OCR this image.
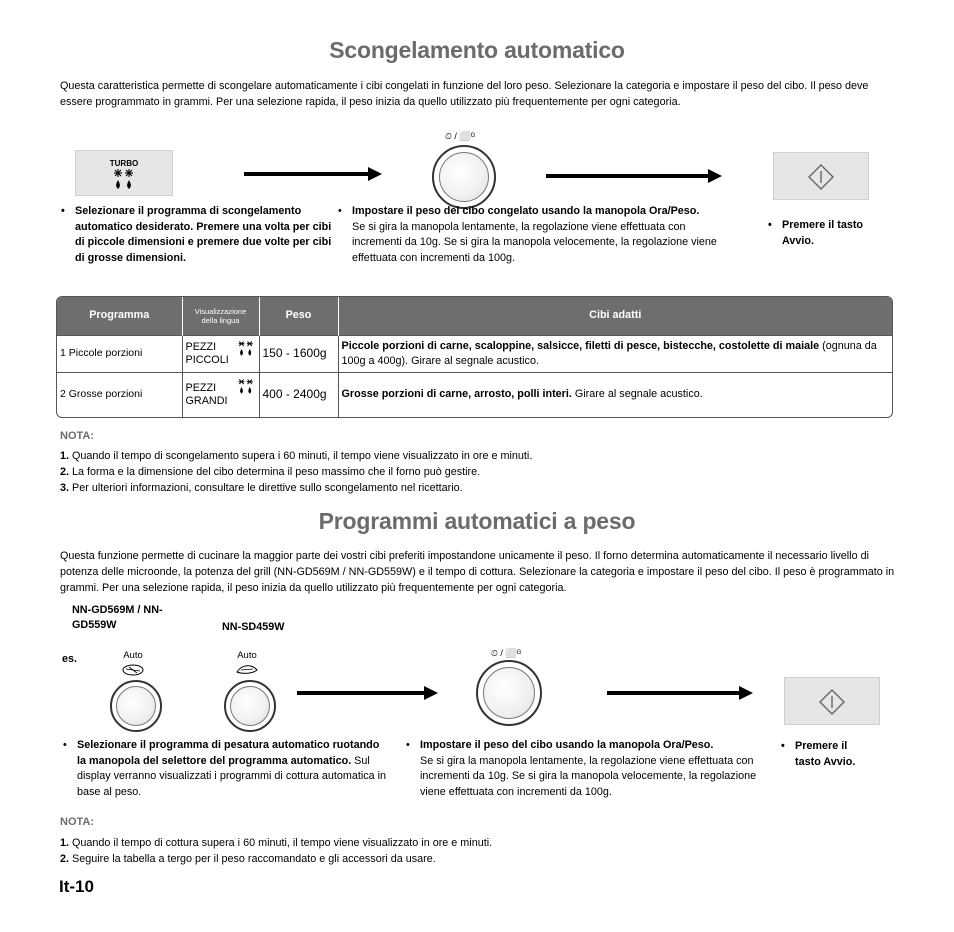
Scongelamento automatico
Questa caratteristica permette di scongelare automaticamente i cibi congelati in funzione del loro peso. Selezionare la categoria e impostare il peso del cibo. Il peso deve essere programmato in grammi. Per una selezione rapida, il peso inizia da quello utilizzato più frequentemente per ogni categoria.
TURBO
⏲ / ⬜ᴳ
• Selezionare il programma di scongelamento automatico desiderato. Premere una volta per cibi di piccole dimensioni e premere due volte per cibi di grosse dimensioni.
• Impostare il peso del cibo congelato usando la manopola Ora/Peso.
Se si gira la manopola lentamente, la regolazione viene effettuata con incrementi da 10g. Se si gira la manopola velocemente, la regolazione viene effettuata con incrementi da 100g.
• Premere il tasto Avvio.
Programma	Visualizzazione della lingua	Peso	Cibi adatti
1 Piccole porzioni	PEZZI PICCOLI	150 - 1600g	Piccole porzioni di carne, scaloppine, salsicce, filetti di pesce, bistecche, costolette di maiale (ognuna da 100g a 400g). Girare al segnale acustico.
2 Grosse porzioni	PEZZI GRANDI	400 - 2400g	Grosse porzioni di carne, arrosto, polli interi. Girare al segnale acustico.
NOTA:
1. Quando il tempo di scongelamento supera i 60 minuti, il tempo viene visualizzato in ore e minuti.
2. La forma e la dimensione del cibo determina il peso massimo che il forno può gestire.
3. Per ulteriori informazioni, consultare le direttive sullo scongelamento nel ricettario.
Programmi automatici a peso
Questa funzione permette di cucinare la maggior parte dei vostri cibi preferiti impostandone unicamente il peso. Il forno determina automaticamente il necessario livello di potenza delle microonde, la potenza del grill (NN-GD569M / NN-GD559W) e il tempo di cottura. Selezionare la categoria e impostare il peso del cibo. Il peso è programmato in grammi. Per una selezione rapida, il peso inizia da quello utilizzato più frequentemente per ogni categoria.
NN-GD569M / NN-GD559W	NN-SD459W
es.	Auto	Auto	⏲ / ⬜ᴳ
• Selezionare il programma di pesatura automatico ruotando la manopola del selettore del programma automatico. Sul display verranno visualizzati i programmi di cottura automatica in base al peso.
• Impostare il peso del cibo usando la manopola Ora/Peso.
Se si gira la manopola lentamente, la regolazione viene effettuata con incrementi da 10g. Se si gira la manopola velocemente, la regolazione viene effettuata con incrementi da 100g.
• Premere il tasto Avvio.
NOTA:
1. Quando il tempo di cottura supera i 60 minuti, il tempo viene visualizzato in ore e minuti.
2. Seguire la tabella a tergo per il peso raccomandato e gli accessori da usare.
It-10
